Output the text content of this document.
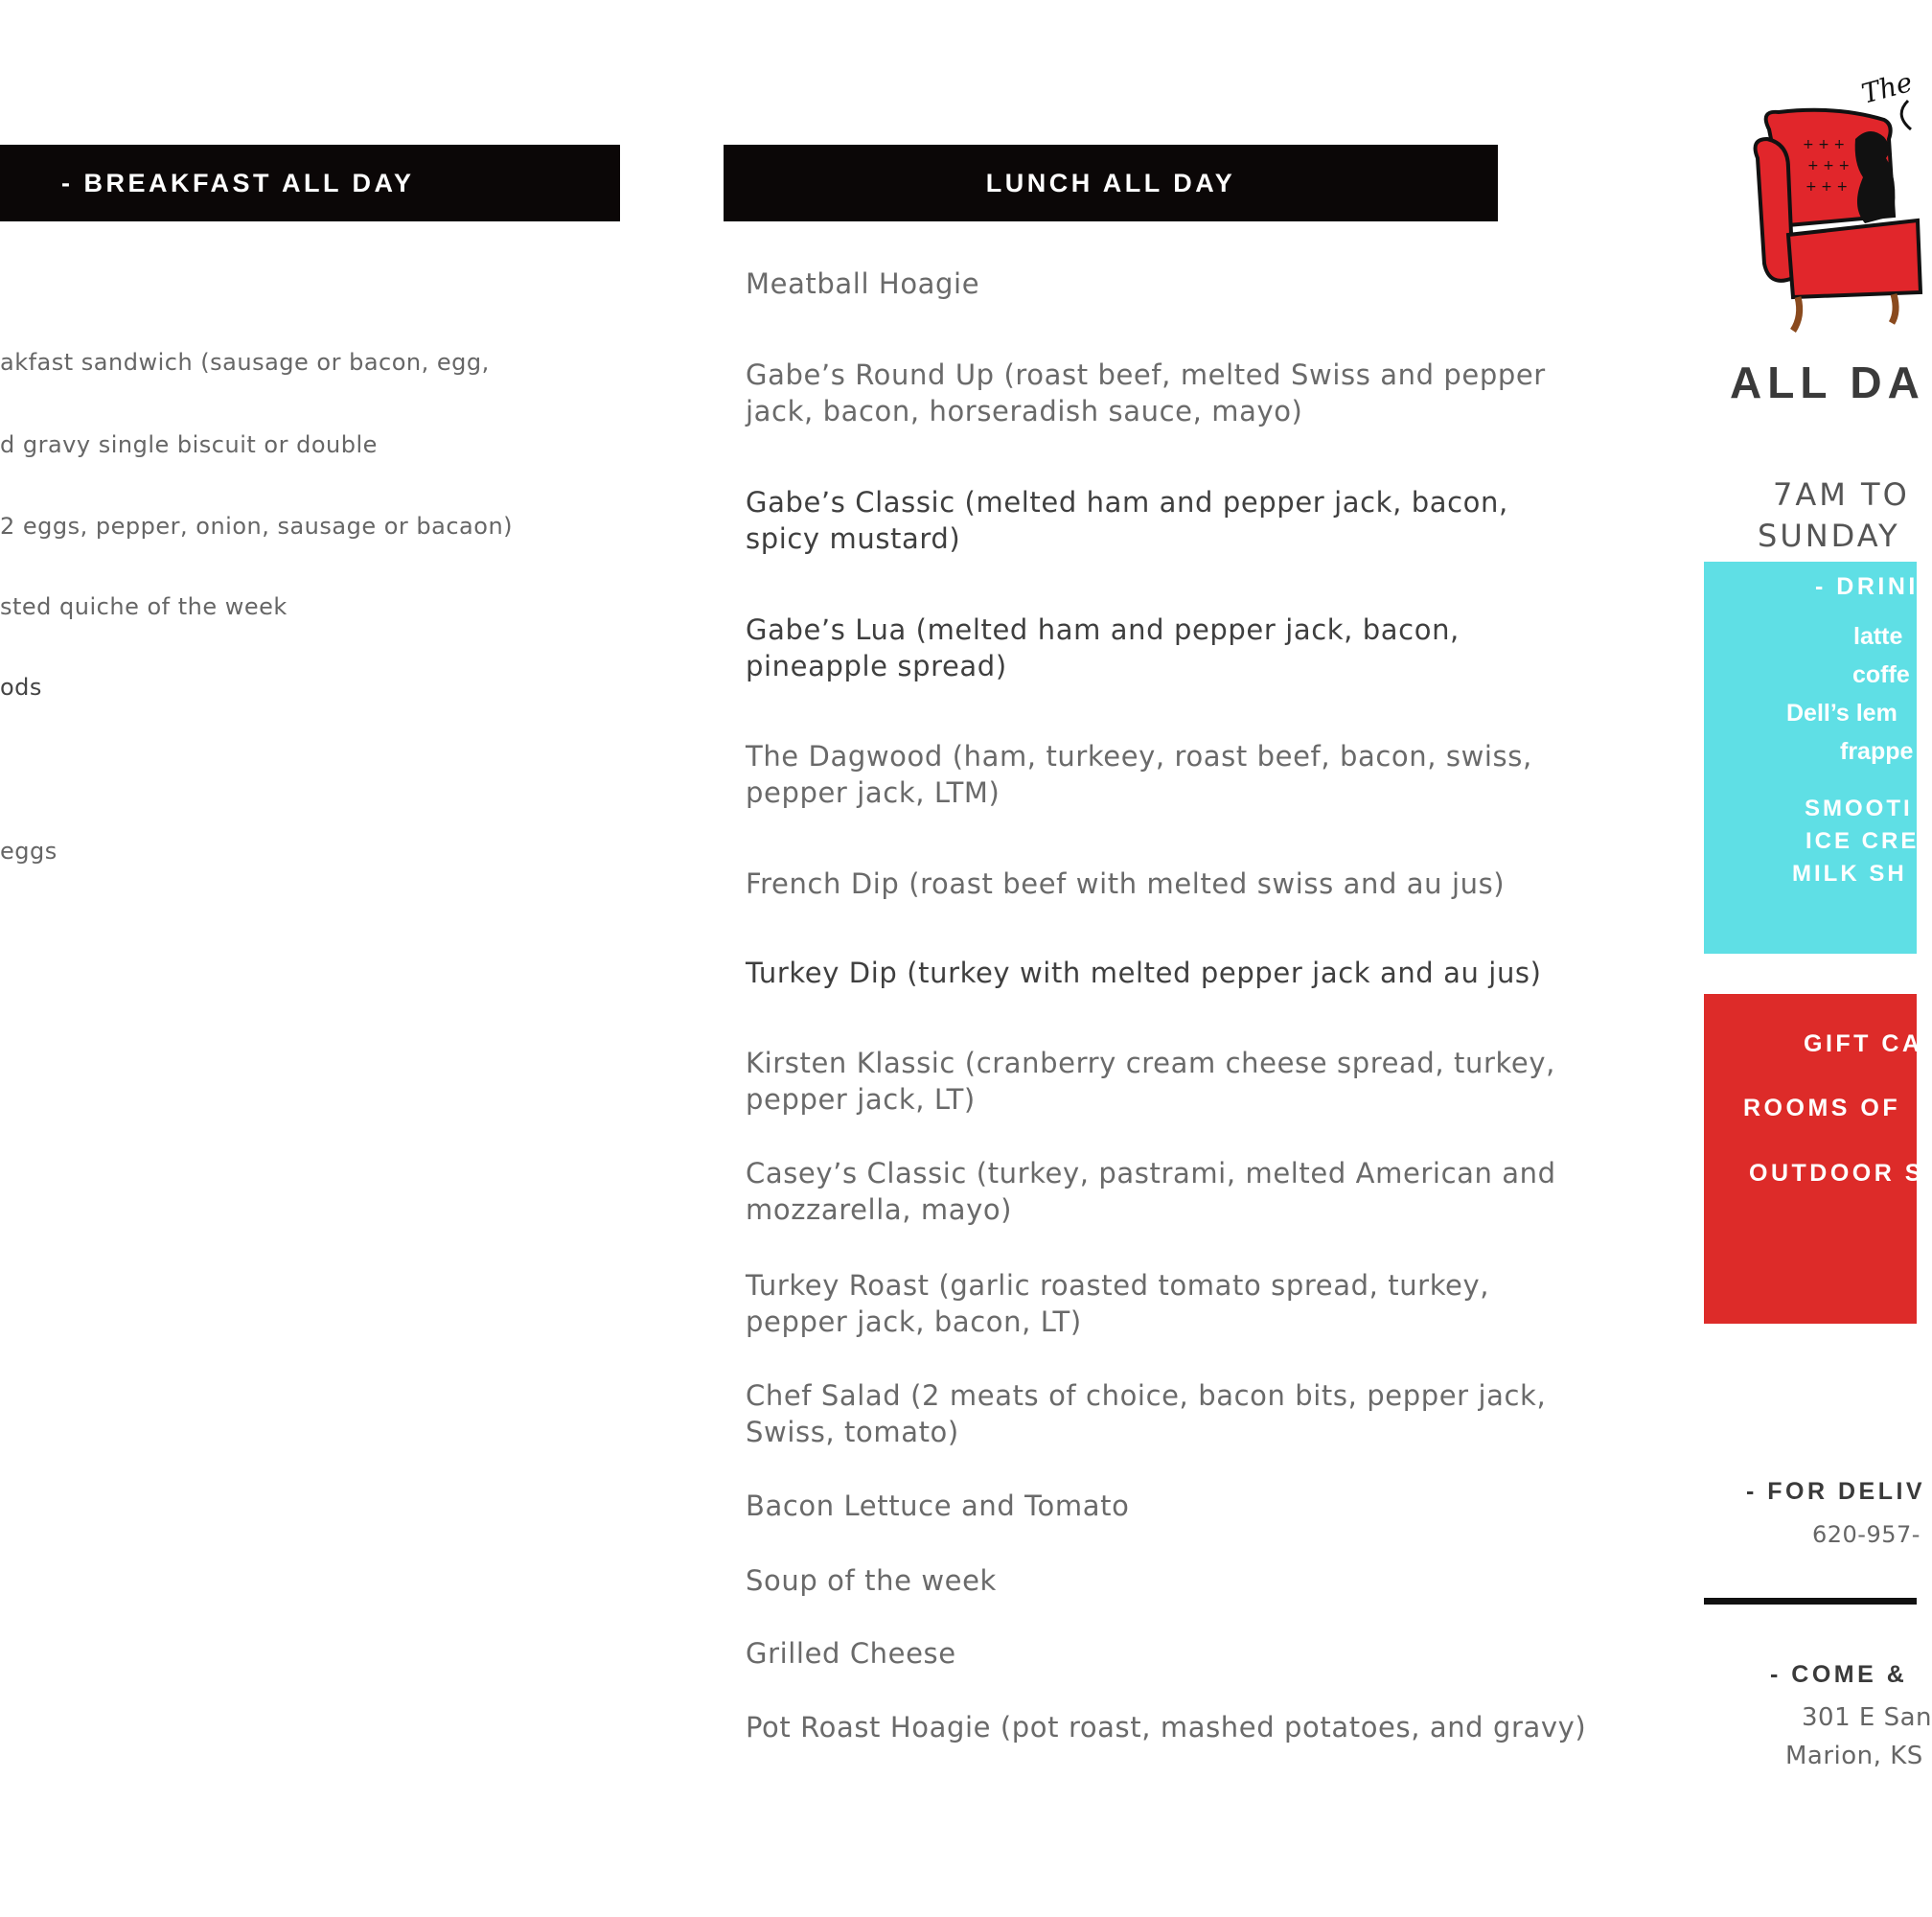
- BREAKFAST ALL DAY
akfast sandwich (sausage or bacon, egg,
d gravy single biscuit or double
2 eggs, pepper, onion, sausage or bacaon)
sted quiche of the week
ods
eggs
LUNCH ALL DAY
Meatball Hoagie
Gabe’s Round Up (roast beef, melted Swiss and pepper jack, bacon, horseradish sauce, mayo)
Gabe’s Classic (melted ham and pepper jack, bacon, spicy mustard)
Gabe’s Lua (melted ham and pepper jack, bacon, pineapple spread)
The Dagwood (ham, turkeey, roast beef, bacon, swiss, pepper jack, LTM)
French Dip (roast beef with melted swiss and au jus)
Turkey Dip (turkey with melted pepper jack and au jus)
Kirsten Klassic (cranberry cream cheese spread, turkey, pepper jack, LT)
Casey’s Classic (turkey, pastrami, melted American and mozzarella, mayo)
Turkey Roast (garlic roasted tomato spread, turkey, pepper jack, bacon, LT)
Chef Salad (2 meats of choice, bacon bits, pepper jack, Swiss, tomato)
Bacon Lettuce and Tomato
Soup of the week
Grilled Cheese
Pot Roast Hoagie (pot roast, mashed potatoes, and gravy)
The
+ + +
+ + +
+ + +
ALL DA
7AM TO
SUNDAY
- DRINI
latte
coffe
Dell’s lem
frappe
SMOOTI
ICE CRE
MILK SH
GIFT CA
ROOMS OF
OUTDOOR S
- FOR DELIV
620-957-
- COME &
301 E San
Marion, KS
